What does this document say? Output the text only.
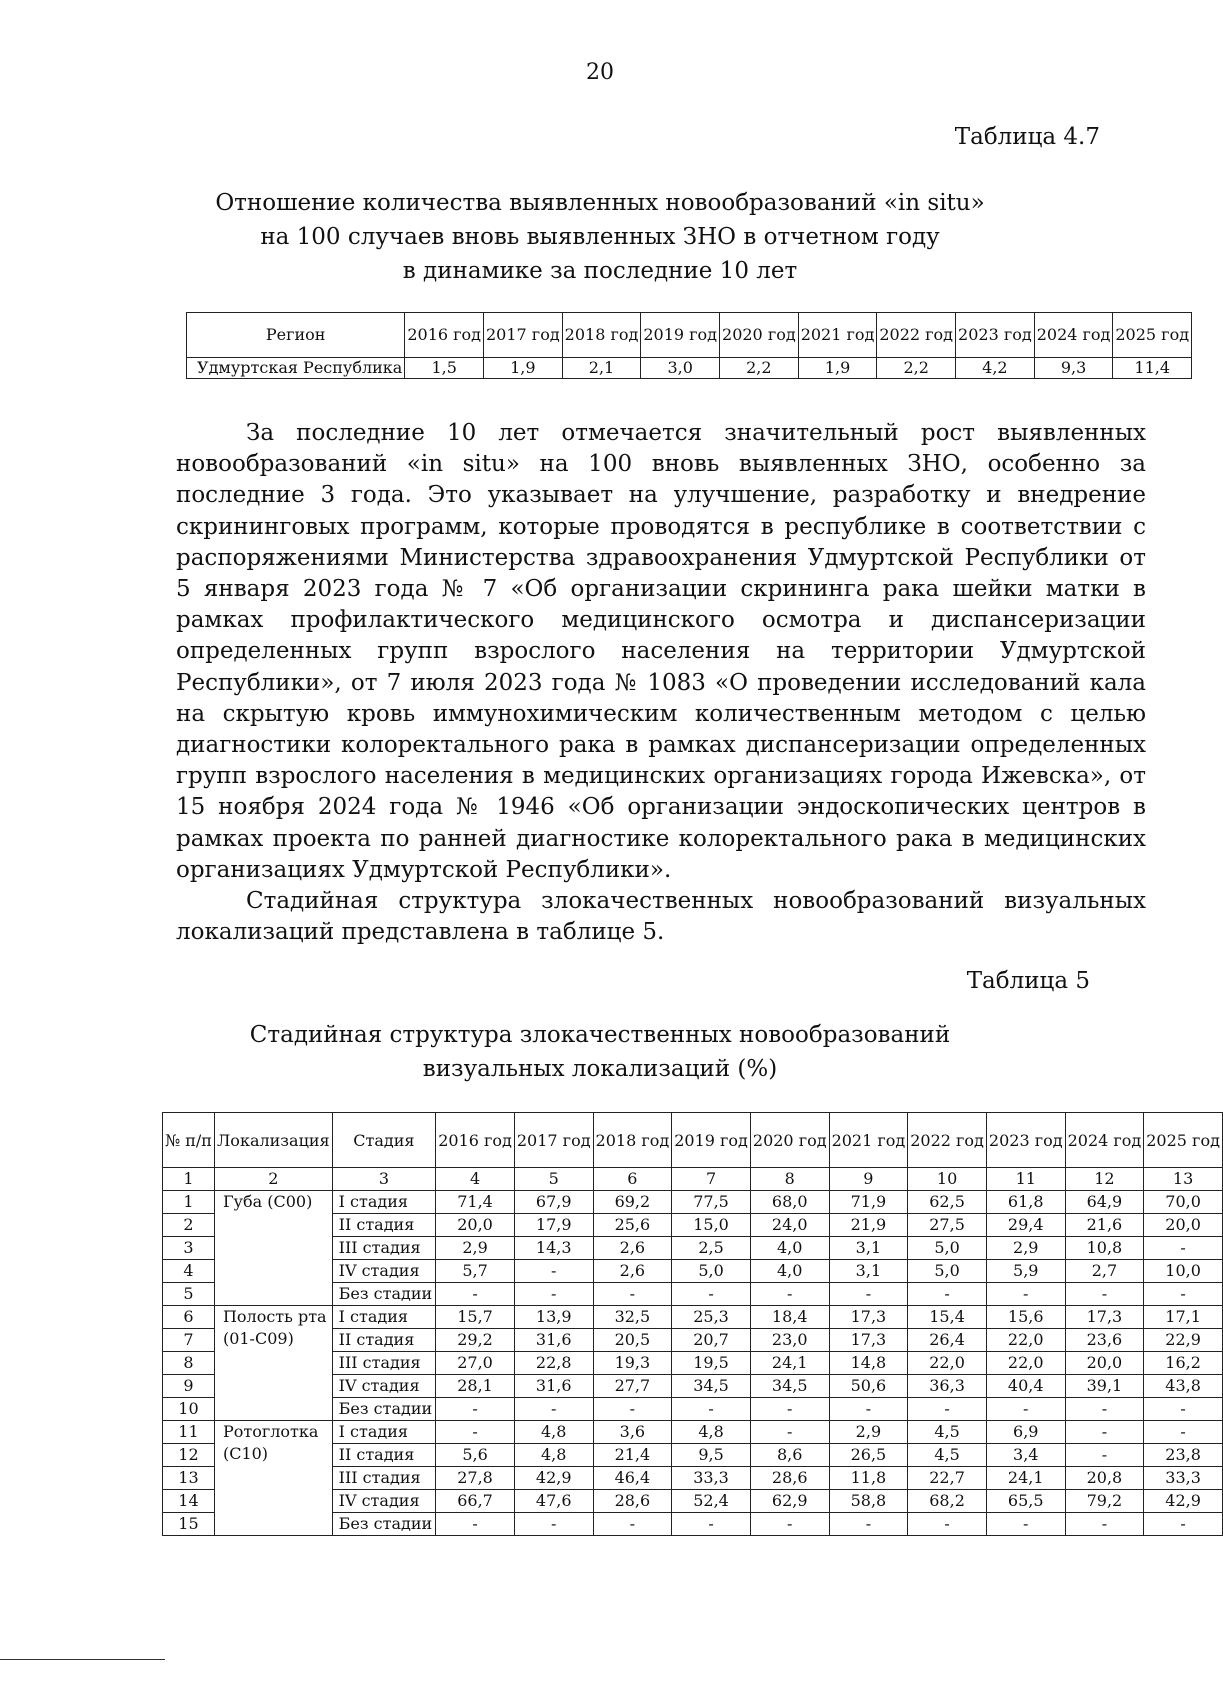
20
Таблица 4.7
Отношение количества выявленных новообразований «in situ»
на 100 случаев вновь выявленных ЗНО в отчетном году
в динамике за последние 10 лет
Регион	2016 год	2017 год	2018 год	2019 год	2020 год	2021 год	2022 год	2023 год	2024 год	2025 год
Удмуртская Республика	1,5	1,9	2,1	3,0	2,2	1,9	2,2	4,2	9,3	11,4

За последние 10 лет отмечается значительный рост выявленных новообразований «in situ» на 100 вновь выявленных ЗНО, особенно за последние 3 года. Это указывает на улучшение, разработку и внедрение скрининговых программ, которые проводятся в республике в соответствии с распоряжениями Министерства здравоохранения Удмуртской Республики от 5 января 2023 года № 7 «Об организации скрининга рака шейки матки в рамках профилактического медицинского осмотра и диспансеризации определенных групп взрослого населения на территории Удмуртской Республики», от 7 июля 2023 года № 1083 «О проведении исследований кала на скрытую кровь иммунохимическим количественным методом с целью диагностики колоректального рака в рамках диспансеризации определенных групп взрослого населения в медицинских организациях города Ижевска», от 15 ноября 2024 года № 1946 «Об организации эндоскопических центров в рамках проекта по ранней диагностике колоректального рака в медицинских организациях Удмуртской Республики».

Стадийная структура злокачественных новообразований визуальных локализаций представлена в таблице 5.

Таблица 5
Стадийная структура злокачественных новообразований
визуальных локализаций (%)
№ п/п	Локализация	Стадия	2016 год	2017 год	2018 год	2019 год	2020 год	2021 год	2022 год	2023 год	2024 год	2025 год
1	2	3	4	5	6	7	8	9	10	11	12	13
1	Губа (С00)	I стадия	71,4	67,9	69,2	77,5	68,0	71,9	62,5	61,8	64,9	70,0
2		II стадия	20,0	17,9	25,6	15,0	24,0	21,9	27,5	29,4	21,6	20,0
3		III стадия	2,9	14,3	2,6	2,5	4,0	3,1	5,0	2,9	10,8	-
4		IV стадия	5,7	-	2,6	5,0	4,0	3,1	5,0	5,9	2,7	10,0
5		Без стадии	-	-	-	-	-	-	-	-	-	-
6	Полость рта (01-С09)	I стадия	15,7	13,9	32,5	25,3	18,4	17,3	15,4	15,6	17,3	17,1
7		II стадия	29,2	31,6	20,5	20,7	23,0	17,3	26,4	22,0	23,6	22,9
8		III стадия	27,0	22,8	19,3	19,5	24,1	14,8	22,0	22,0	20,0	16,2
9		IV стадия	28,1	31,6	27,7	34,5	34,5	50,6	36,3	40,4	39,1	43,8
10		Без стадии	-	-	-	-	-	-	-	-	-	-
11	Ротоглотка (С10)	I стадия	-	4,8	3,6	4,8	-	2,9	4,5	6,9	-	-
12		II стадия	5,6	4,8	21,4	9,5	8,6	26,5	4,5	3,4	-	23,8
13		III стадия	27,8	42,9	46,4	33,3	28,6	11,8	22,7	24,1	20,8	33,3
14		IV стадия	66,7	47,6	28,6	52,4	62,9	58,8	68,2	65,5	79,2	42,9
15		Без стадии	-	-	-	-	-	-	-	-	-	-
